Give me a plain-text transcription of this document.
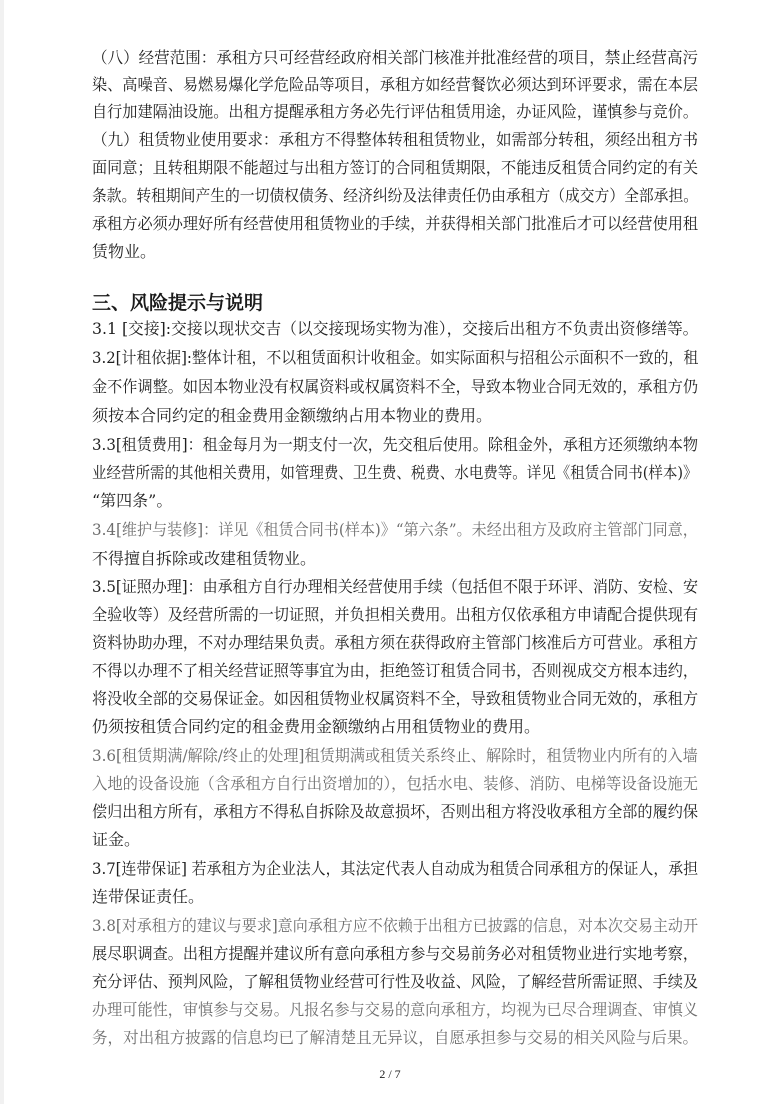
（八）经营范围：承租方只可经营经政府相关部门核准并批准经营的项目，禁止经营高污
染、高噪音、易燃易爆化学危险品等项目，承租方如经营餐饮必须达到环评要求，需在本层
自行加建隔油设施。出租方提醒承租方务必先行评估租赁用途，办证风险，谨慎参与竞价。
（九）租赁物业使用要求：承租方不得整体转租租赁物业，如需部分转租，须经出租方书
面同意；且转租期限不能超过与出租方签订的合同租赁期限，不能违反租赁合同约定的有关
条款。转租期间产生的一切债权债务、经济纠纷及法律责任仍由承租方（成交方）全部承担。
承租方必须办理好所有经营使用租赁物业的手续，并获得相关部门批准后才可以经营使用租
赁物业。
三、风险提示与说明
3.1 [交接]:交接以现状交吉（以交接现场实物为准），交接后出租方不负责出资修缮等。
3.2[计租依据]:整体计租，不以租赁面积计收租金。如实际面积与招租公示面积不一致的，租
金不作调整。如因本物业没有权属资料或权属资料不全，导致本物业合同无效的，承租方仍
须按本合同约定的租金费用金额缴纳占用本物业的费用。
3.3[租赁费用]：租金每月为一期支付一次，先交租后使用。除租金外，承租方还须缴纳本物
业经营所需的其他相关费用，如管理费、卫生费、税费、水电费等。详见《租赁合同书(样本)》
“第四条”。
3.4[维护与装修]：详见《租赁合同书(样本)》“第六条”。未经出租方及政府主管部门同意，
不得擅自拆除或改建租赁物业。
3.5[证照办理]：由承租方自行办理相关经营使用手续（包括但不限于环评、消防、安检、安
全验收等）及经营所需的一切证照，并负担相关费用。出租方仅依承租方申请配合提供现有
资料协助办理，不对办理结果负责。承租方须在获得政府主管部门核准后方可营业。承租方
不得以办理不了相关经营证照等事宜为由，拒绝签订租赁合同书，否则视成交方根本违约，
将没收全部的交易保证金。如因租赁物业权属资料不全，导致租赁物业合同无效的，承租方
仍须按租赁合同约定的租金费用金额缴纳占用租赁物业的费用。
3.6[租赁期满/解除/终止的处理]租赁期满或租赁关系终止、解除时，租赁物业内所有的入墙
入地的设备设施（含承租方自行出资增加的），包括水电、装修、消防、电梯等设备设施无
偿归出租方所有，承租方不得私自拆除及故意损坏，否则出租方将没收承租方全部的履约保
证金。
3.7[连带保证] 若承租方为企业法人，其法定代表人自动成为租赁合同承租方的保证人，承担
连带保证责任。
3.8[对承租方的建议与要求]意向承租方应不依赖于出租方已披露的信息，对本次交易主动开
展尽职调查。出租方提醒并建议所有意向承租方参与交易前务必对租赁物业进行实地考察，
充分评估、预判风险，了解租赁物业经营可行性及收益、风险，了解经营所需证照、手续及
办理可能性，审慎参与交易。凡报名参与交易的意向承租方，均视为已尽合理调查、审慎义
务，对出租方披露的信息均已了解清楚且无异议，自愿承担参与交易的相关风险与后果。
2 / 7
